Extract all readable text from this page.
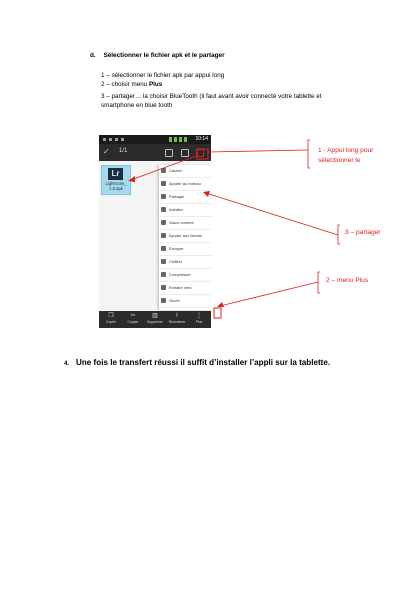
d. Sélectionner le fichier apk et le partager
1 – sélectionner le fichier apk par appui long
2 – choisir menu Plus
3 – partager… la choisir BlueTooth (il faut avant avoir connecté votre tablette et
smartphone en blue tooth
10:14
✓ 1/1
Lr
Lightroom_ 1.0.apk
Cacher
Ajouter au bureau
Partager
Installer
Sauvr comme
Ajouter aux favoris
Envoyer
Chiffrer
Compresser
Extraire vers
Ouvrir
❐
Copier
✂
Couper
▥
Supprimer
I
Renommer
⋮
Plus
1 - Appui long pour
sélectionner le
3 – partager
2 – menu Plus
4. Une fois le transfert réussi il suffit d’installer l’appli sur la tablette.
